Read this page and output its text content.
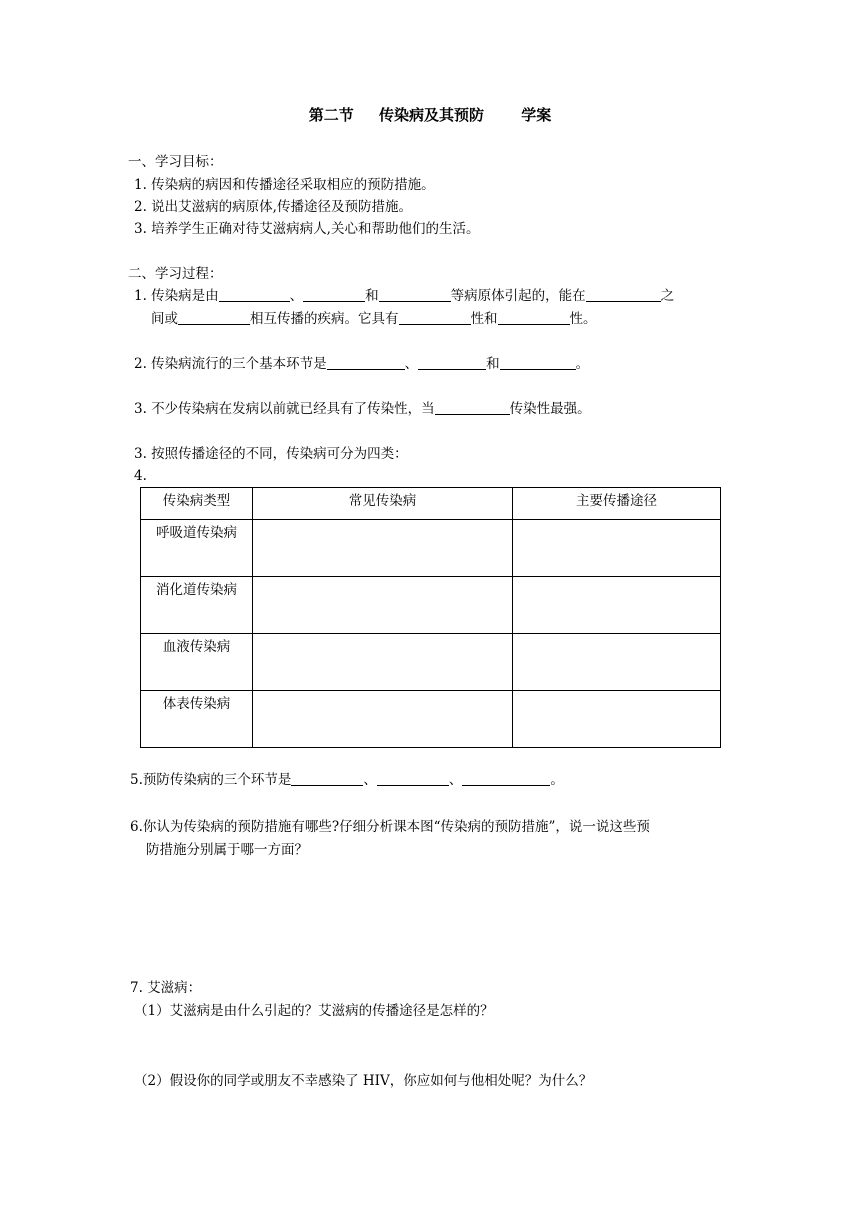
第二节 传染病及其预防 学案
一、学习目标：
1. 传染病的病因和传播途径采取相应的预防措施。
2. 说出艾滋病的病原体,传播途径及预防措施。
3. 培养学生正确对待艾滋病病人,关心和帮助他们的生活。
二、学习过程：
1. 传染病是由	、	和	等病原体引起的，能在	之
间或	相互传播的疾病。它具有	性和	性。
2. 传染病流行的三个基本环节是	、	和	。
3. 不少传染病在发病以前就已经具有了传染性，当	传染性最强。
3. 按照传播途径的不同，传染病可分为四类：
4.
传染病类型	常见传染病	主要传播途径
呼吸道传染病		
消化道传染病		
血液传染病		
体表传染病		
5.预防传染病的三个环节是	、	、	。
6.你认为传染病的预防措施有哪些?仔细分析课本图“传染病的预防措施”，说一说这些预
防措施分别属于哪一方面？
7. 艾滋病：
（1）艾滋病是由什么引起的？艾滋病的传播途径是怎样的？
（2）假设你的同学或朋友不幸感染了 HIV，你应如何与他相处呢？为什么？
